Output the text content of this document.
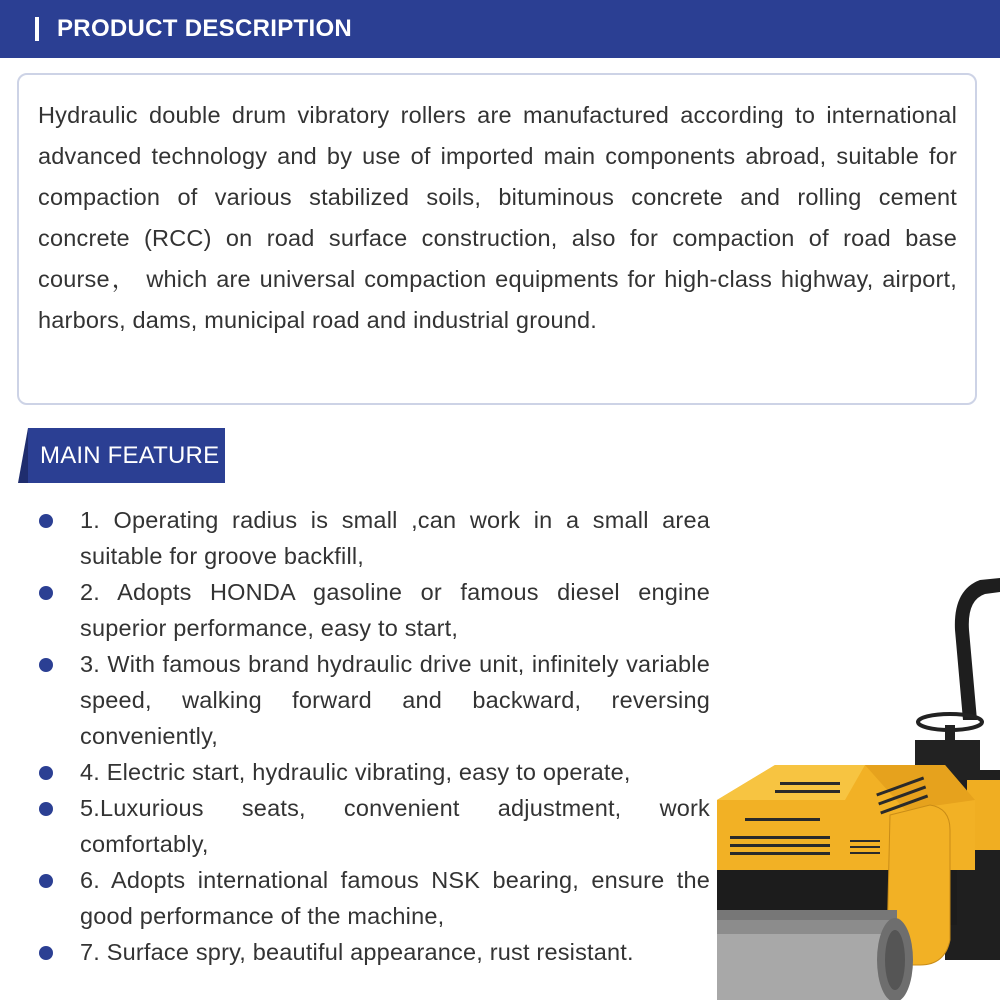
PRODUCT DESCRIPTION
Hydraulic double drum vibratory rollers are manufactured according to international advanced technology and by use of imported main components abroad, suitable for compaction of various stabilized soils, bituminous concrete and rolling cement concrete (RCC) on road surface construction, also for compaction of road base course， which are universal compaction equipments for high-class highway, airport, harbors, dams, municipal road and industrial ground.
MAIN FEATURE
1. Operating radius is small ,can work in a small area suitable for groove backfill,
2. Adopts HONDA gasoline or famous diesel engine superior performance, easy to start,
3. With famous brand hydraulic drive unit, infinitely variable speed, walking forward and backward, reversing conveniently,
4. Electric start, hydraulic vibrating, easy to operate,
5.Luxurious seats, convenient adjustment, work comfortably,
6. Adopts international famous NSK bearing, ensure the good performance of the machine,
7. Surface spry, beautiful appearance, rust resistant.
